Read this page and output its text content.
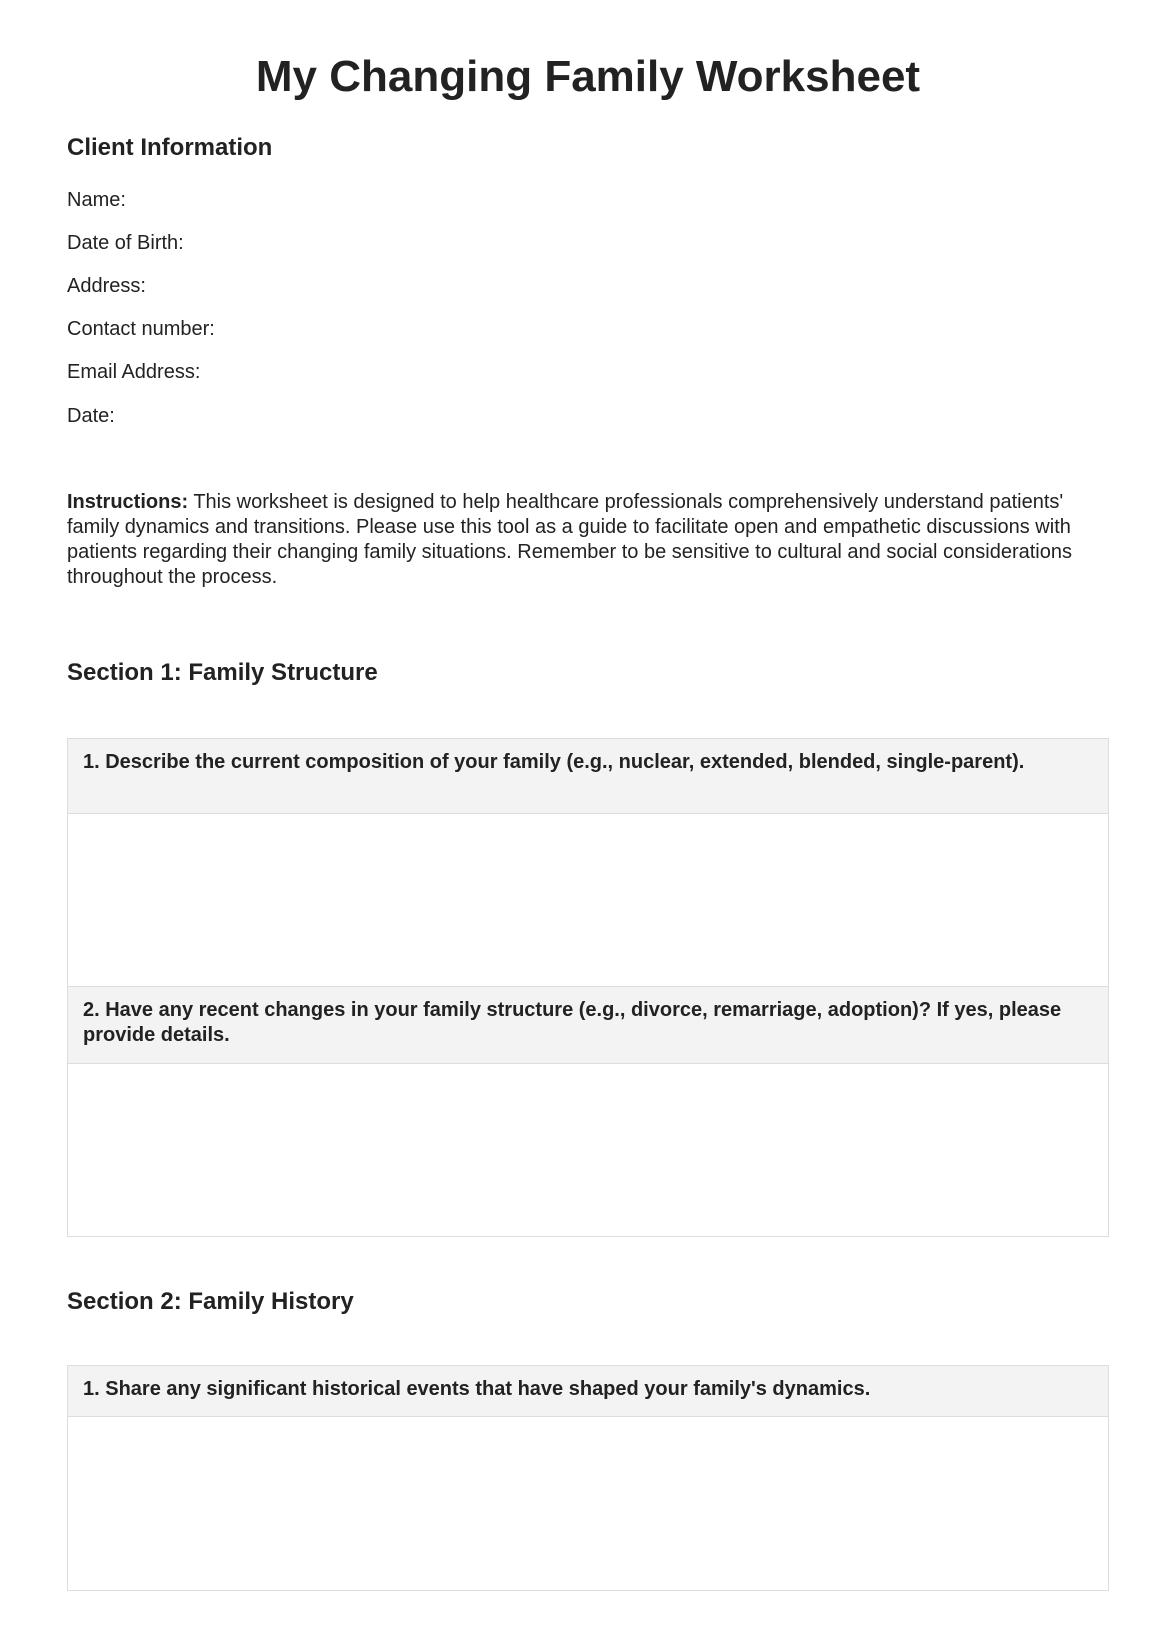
My Changing Family Worksheet
Client Information
Name:
Date of Birth:
Address:
Contact number:
Email Address:
Date:
Instructions: This worksheet is designed to help healthcare professionals comprehensively understand patients' family dynamics and transitions. Please use this tool as a guide to facilitate open and empathetic discussions with patients regarding their changing family situations. Remember to be sensitive to cultural and social considerations throughout the process.
Section 1: Family Structure
1. Describe the current composition of your family (e.g., nuclear, extended, blended, single-parent).
2. Have any recent changes in your family structure (e.g., divorce, remarriage, adoption)? If yes, please provide details.
Section 2: Family History
1. Share any significant historical events that have shaped your family's dynamics.
